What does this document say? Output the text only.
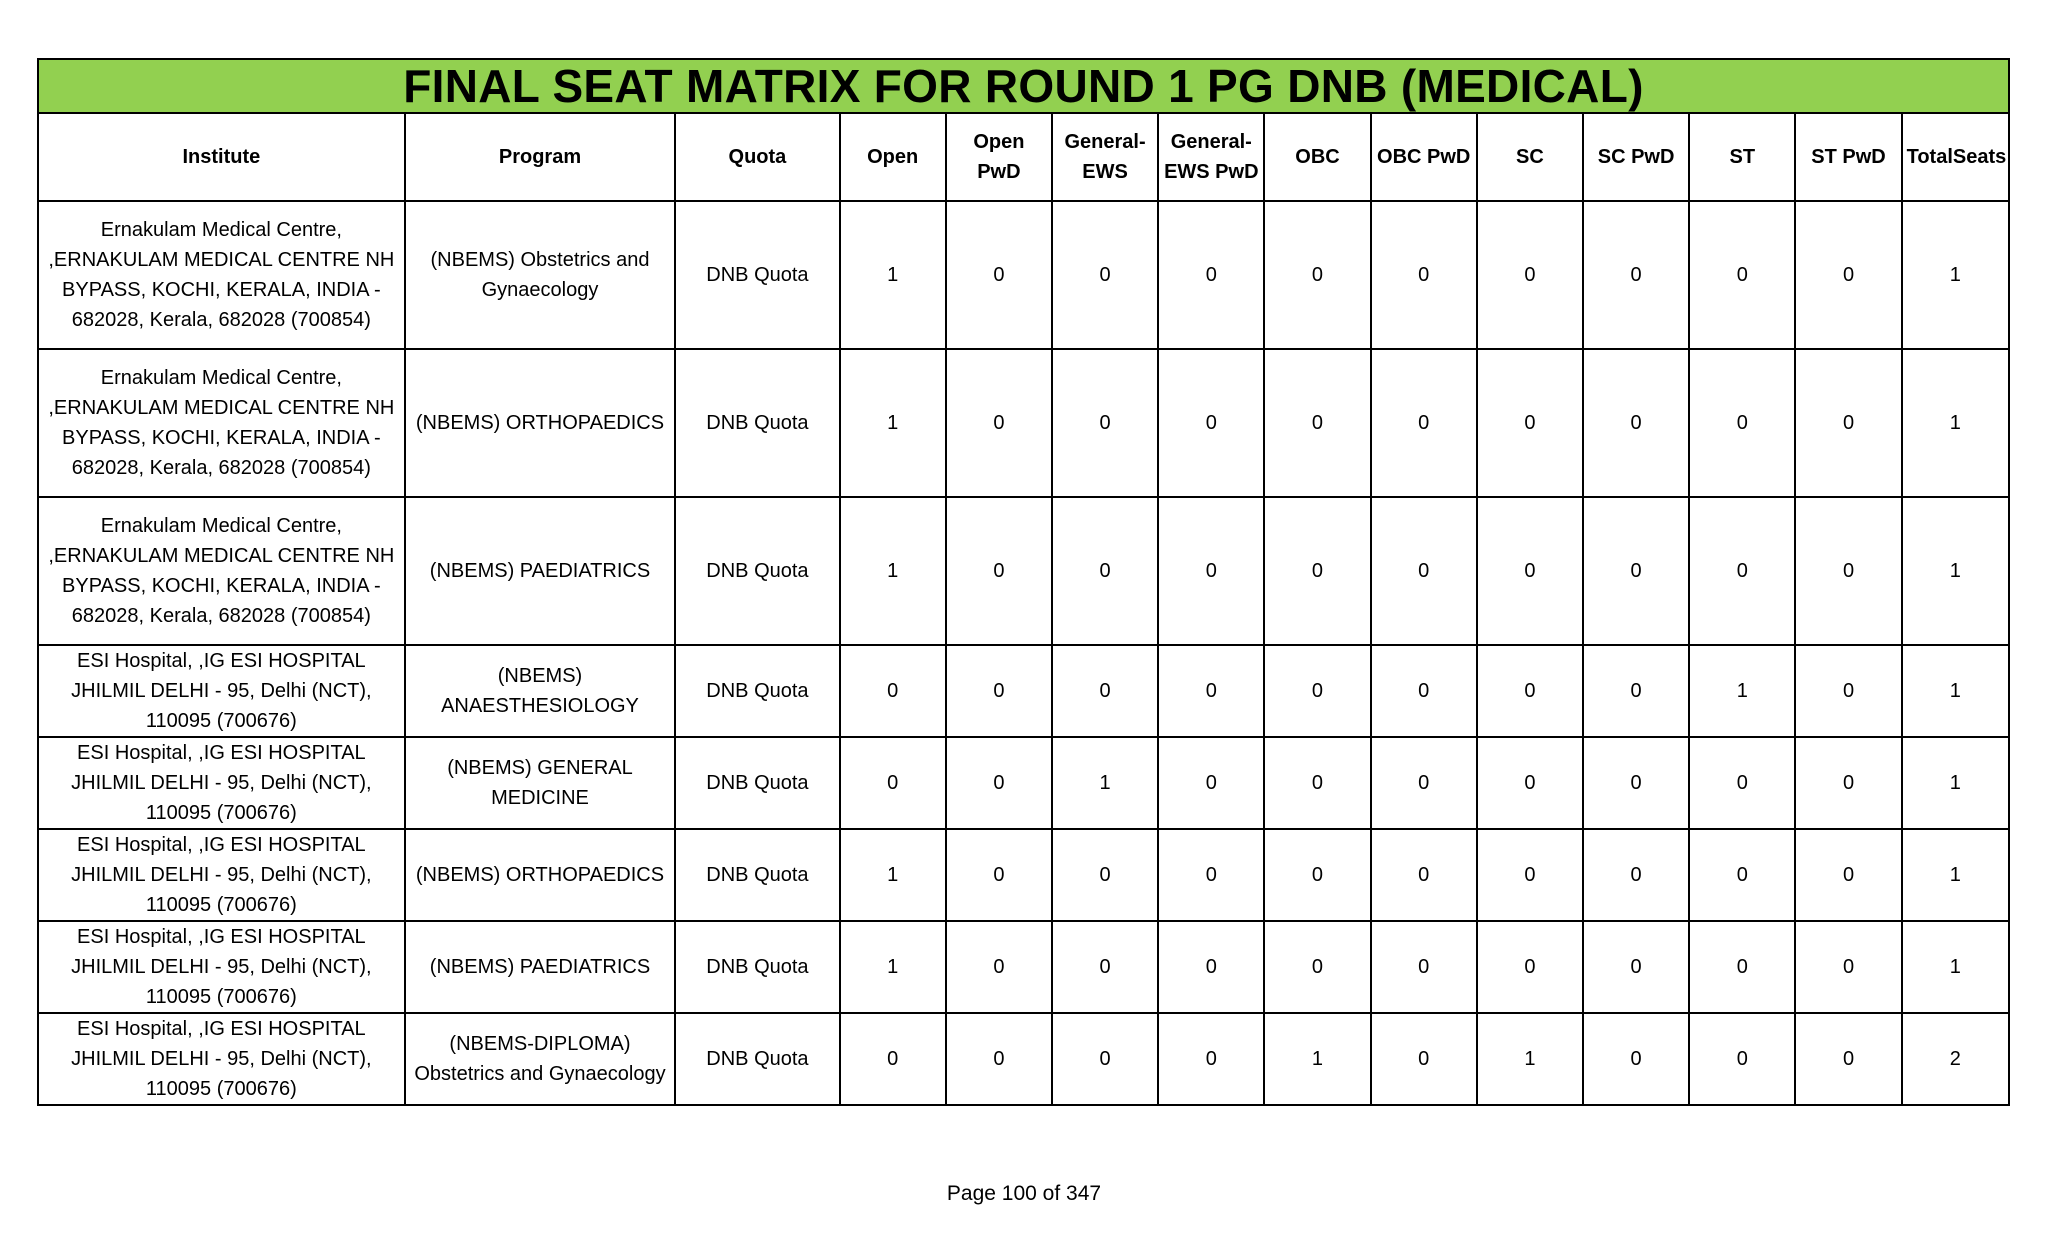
FINAL SEAT MATRIX FOR ROUND 1 PG DNB (MEDICAL)													
Institute	Program	Quota	Open	Open PwD	General-EWS	General-EWS PwD	OBC	OBC PwD	SC	SC PwD	ST	ST PwD	TotalSeats
Ernakulam Medical Centre, ,ERNAKULAM MEDICAL CENTRE NH BYPASS, KOCHI, KERALA, INDIA - 682028, Kerala, 682028 (700854)	(NBEMS) Obstetrics and Gynaecology	DNB Quota	1	0	0	0	0	0	0	0	0	0	1
Ernakulam Medical Centre, ,ERNAKULAM MEDICAL CENTRE NH BYPASS, KOCHI, KERALA, INDIA - 682028, Kerala, 682028 (700854)	(NBEMS) ORTHOPAEDICS	DNB Quota	1	0	0	0	0	0	0	0	0	0	1
Ernakulam Medical Centre, ,ERNAKULAM MEDICAL CENTRE NH BYPASS, KOCHI, KERALA, INDIA - 682028, Kerala, 682028 (700854)	(NBEMS) PAEDIATRICS	DNB Quota	1	0	0	0	0	0	0	0	0	0	1
ESI Hospital, ,IG ESI HOSPITAL JHILMIL DELHI - 95, Delhi (NCT), 110095 (700676)	(NBEMS) ANAESTHESIOLOGY	DNB Quota	0	0	0	0	0	0	0	0	1	0	1
ESI Hospital, ,IG ESI HOSPITAL JHILMIL DELHI - 95, Delhi (NCT), 110095 (700676)	(NBEMS) GENERAL MEDICINE	DNB Quota	0	0	1	0	0	0	0	0	0	0	1
ESI Hospital, ,IG ESI HOSPITAL JHILMIL DELHI - 95, Delhi (NCT), 110095 (700676)	(NBEMS) ORTHOPAEDICS	DNB Quota	1	0	0	0	0	0	0	0	0	0	1
ESI Hospital, ,IG ESI HOSPITAL JHILMIL DELHI - 95, Delhi (NCT), 110095 (700676)	(NBEMS) PAEDIATRICS	DNB Quota	1	0	0	0	0	0	0	0	0	0	1
ESI Hospital, ,IG ESI HOSPITAL JHILMIL DELHI - 95, Delhi (NCT), 110095 (700676)	(NBEMS-DIPLOMA) Obstetrics and Gynaecology	DNB Quota	0	0	0	0	1	0	1	0	0	0	2
Page 100 of 347
